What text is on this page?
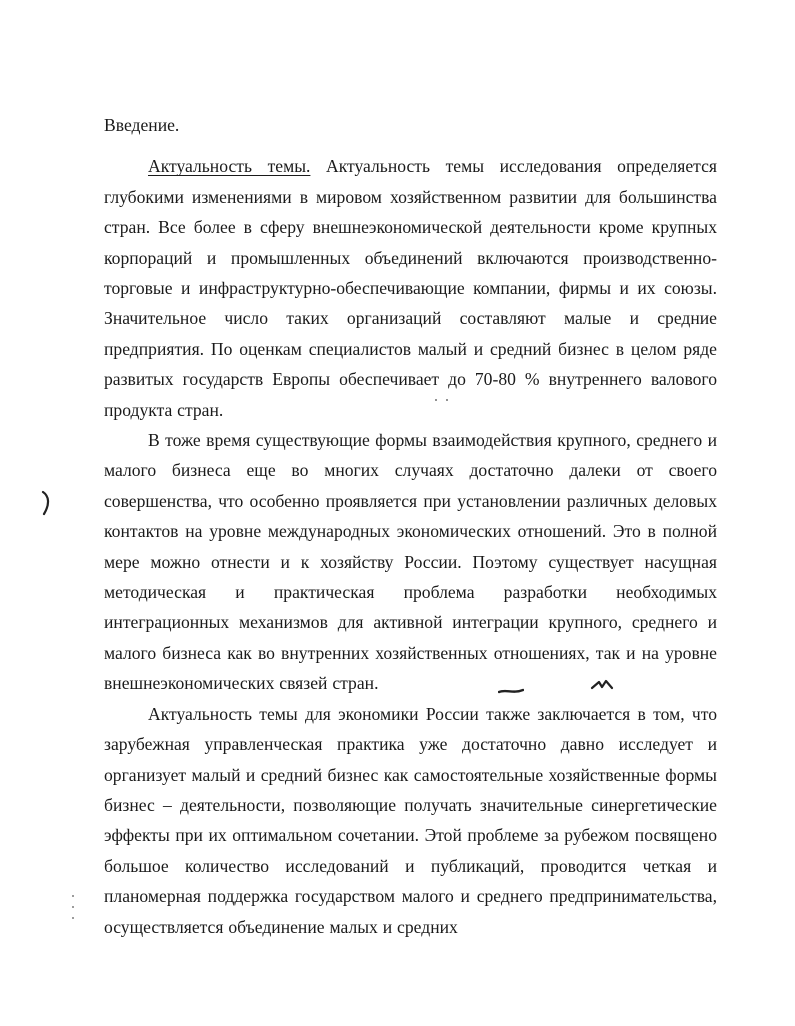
Введение.

Актуальность темы. Актуальность темы исследования определяется глубокими изменениями в мировом хозяйственном развитии для большинства стран. Все более в сферу внешнеэкономической деятельности кроме крупных корпораций и промышленных объединений включаются производственно-торговые и инфраструктурно-обеспечивающие компании, фирмы и их союзы. Значительное число таких организаций составляют малые и средние предприятия. По оценкам специалистов малый и средний бизнес в целом ряде развитых государств Европы обеспечивает до 70-80 % внутреннего валового продукта стран.

В тоже время существующие формы взаимодействия крупного, среднего и малого бизнеса еще во многих случаях достаточно далеки от своего совершенства, что особенно проявляется при установлении различных деловых контактов на уровне международных экономических отношений. Это в полной мере можно отнести и к хозяйству России. Поэтому существует насущная методическая и практическая проблема разработки необходимых интеграционных механизмов для активной интеграции крупного, среднего и малого бизнеса как во внутренних хозяйственных отношениях, так и на уровне внешнеэкономических связей стран.

Актуальность темы для экономики России также заключается в том, что зарубежная управленческая практика уже достаточно давно исследует и организует малый и средний бизнес как самостоятельные хозяйственные формы бизнес – деятельности, позволяющие получать значительные синергетические эффекты при их оптимальном сочетании. Этой проблеме за рубежом посвящено большое количество исследований и публикаций, проводится четкая и планомерная поддержка государством малого и среднего предпринимательства, осуществляется объединение малых и средних
